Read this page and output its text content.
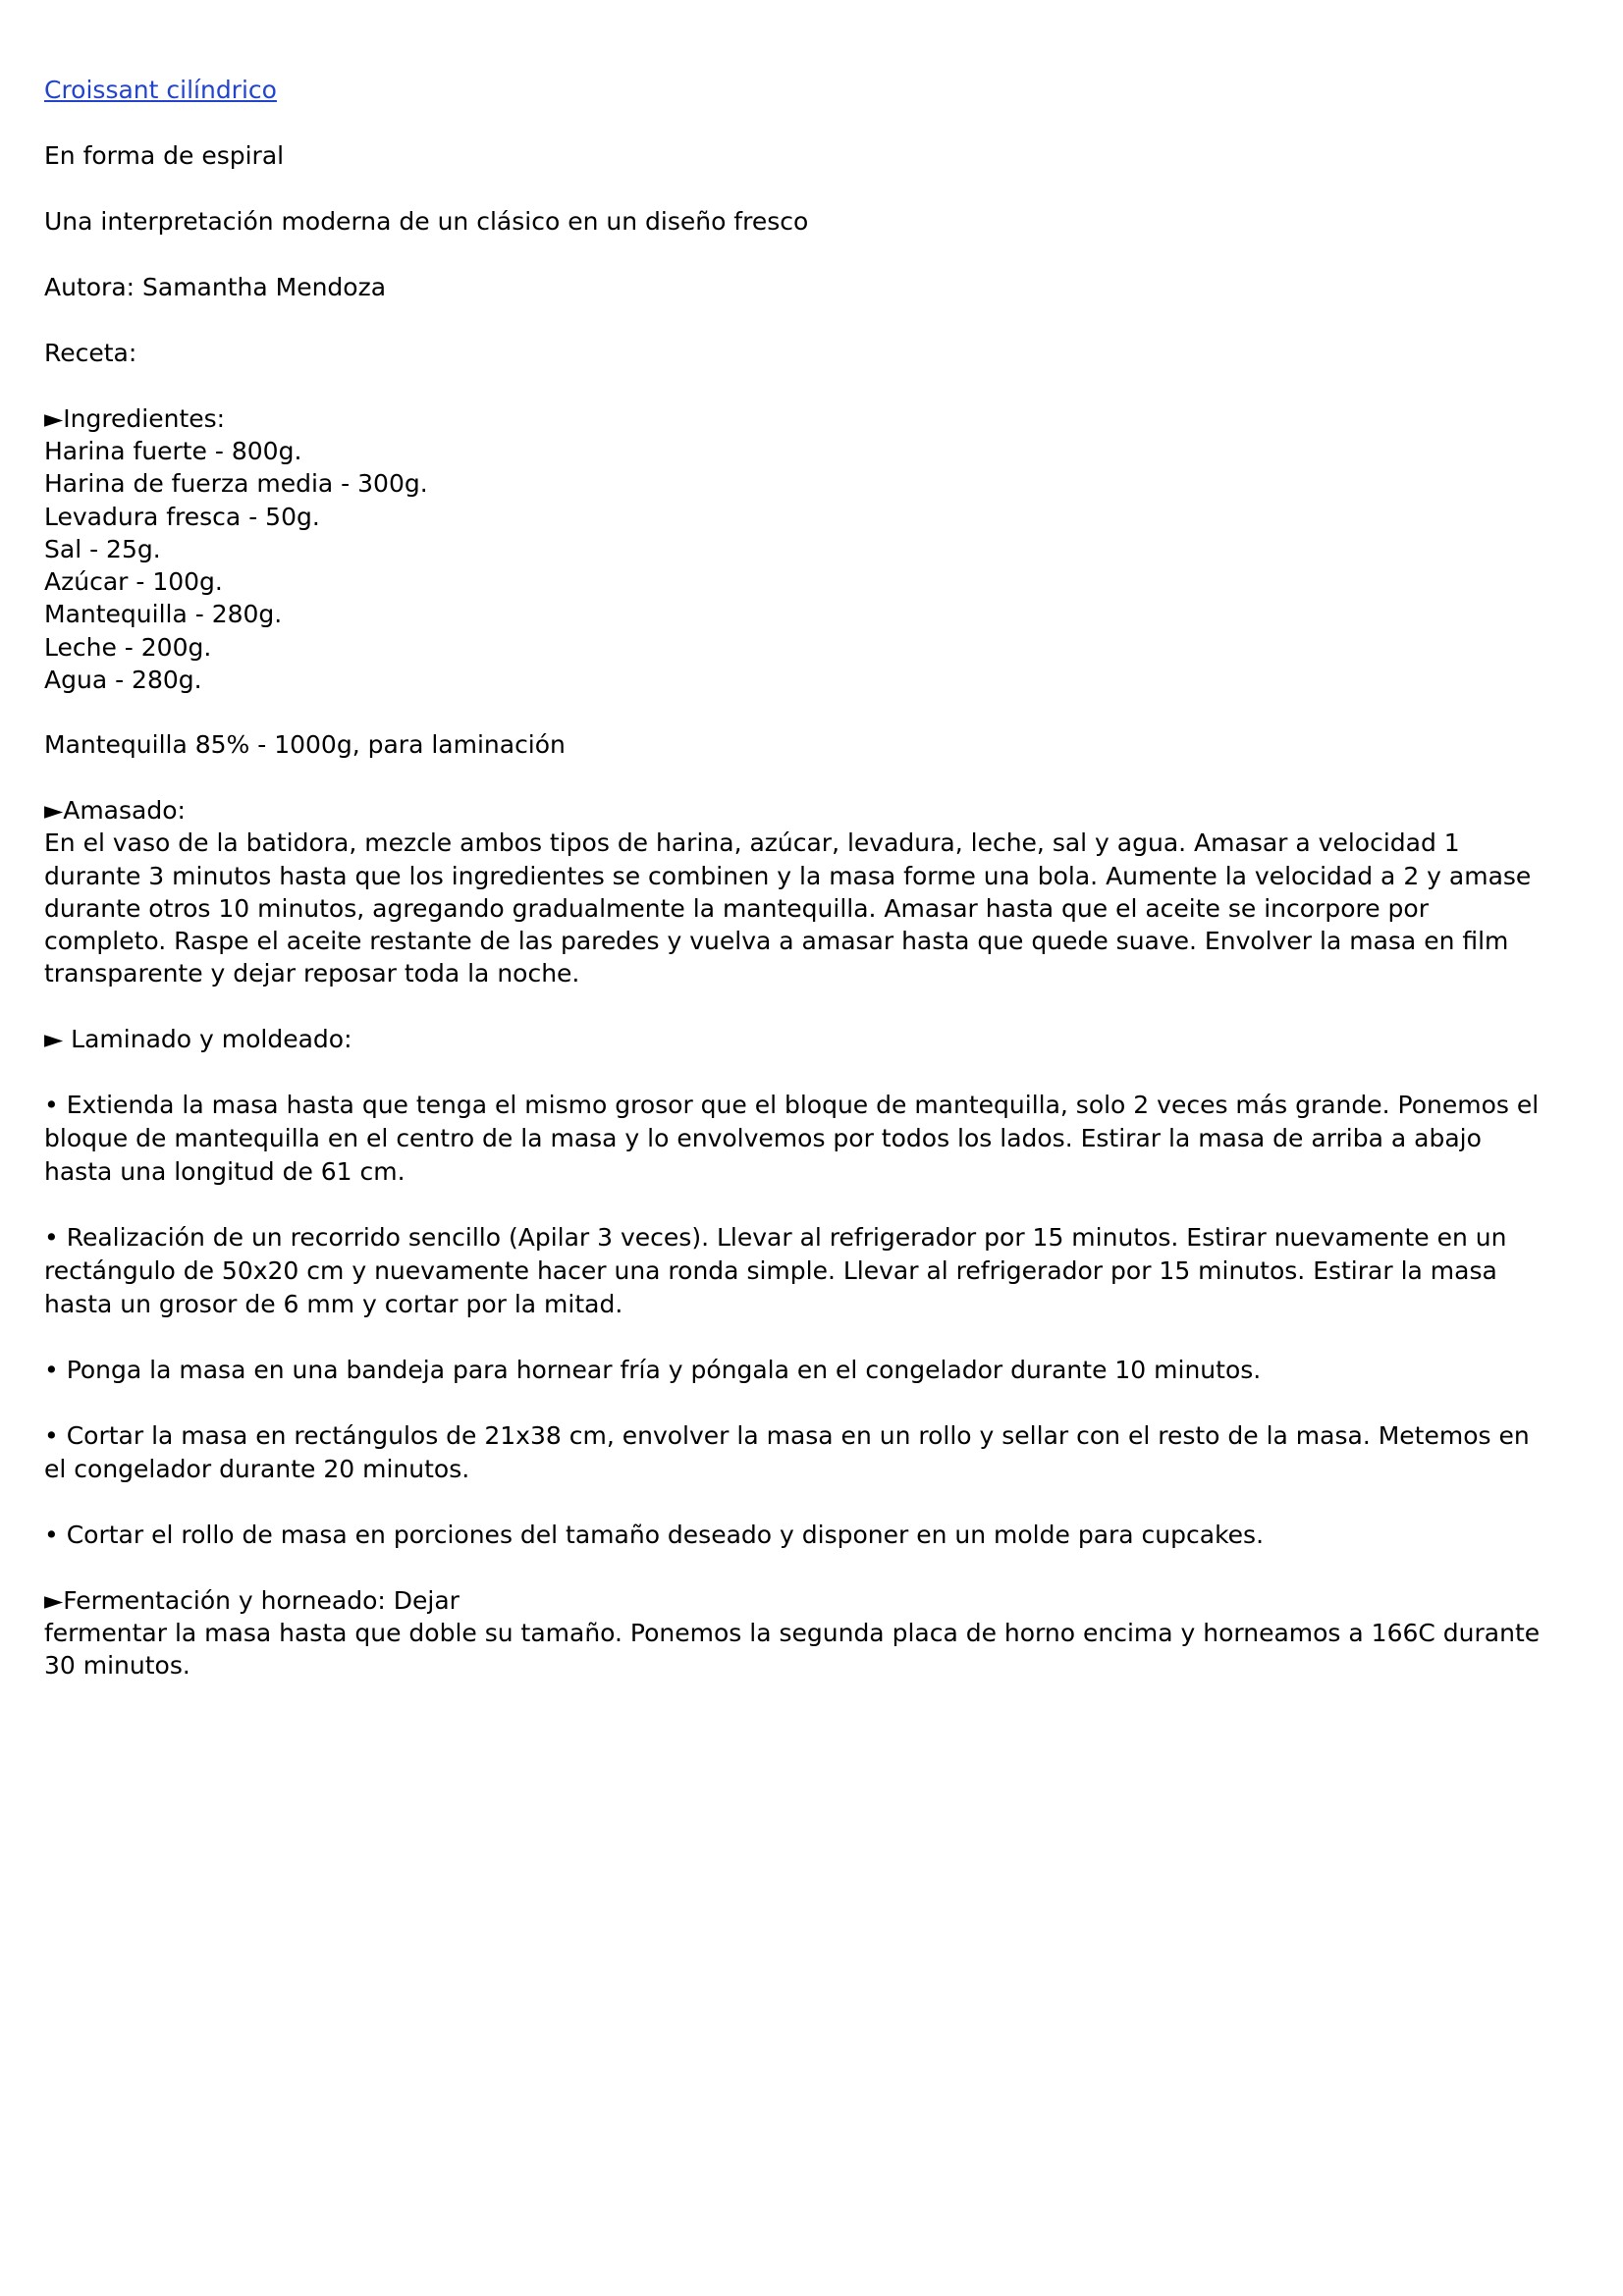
Croissant cilíndrico

En forma de espiral

Una interpretación moderna de un clásico en un diseño fresco

Autora: Samantha Mendoza

Receta:

►Ingredientes:
Harina fuerte - 800g.
Harina de fuerza media - 300g.
Levadura fresca - 50g.
Sal - 25g.
Azúcar - 100g.
Mantequilla - 280g.
Leche - 200g.
Agua - 280g.

Mantequilla 85% - 1000g, para laminación

►Amasado:
En el vaso de la batidora, mezcle ambos tipos de harina, azúcar, levadura, leche, sal y agua. Amasar a velocidad 1 durante 3 minutos hasta que los ingredientes se combinen y la masa forme una bola. Aumente la velocidad a 2 y amase durante otros 10 minutos, agregando gradualmente la mantequilla. Amasar hasta que el aceite se incorpore por completo. Raspe el aceite restante de las paredes y vuelva a amasar hasta que quede suave. Envolver la masa en film transparente y dejar reposar toda la noche.

► Laminado y moldeado:

• Extienda la masa hasta que tenga el mismo grosor que el bloque de mantequilla, solo 2 veces más grande. Ponemos el bloque de mantequilla en el centro de la masa y lo envolvemos por todos los lados. Estirar la masa de arriba a abajo hasta una longitud de 61 cm.

• Realización de un recorrido sencillo (Apilar 3 veces). Llevar al refrigerador por 15 minutos. Estirar nuevamente en un rectángulo de 50x20 cm y nuevamente hacer una ronda simple. Llevar al refrigerador por 15 minutos. Estirar la masa hasta un grosor de 6 mm y cortar por la mitad.

• Ponga la masa en una bandeja para hornear fría y póngala en el congelador durante 10 minutos.

• Cortar la masa en rectángulos de 21x38 cm, envolver la masa en un rollo y sellar con el resto de la masa. Metemos en el congelador durante 20 minutos.

• Cortar el rollo de masa en porciones del tamaño deseado y disponer en un molde para cupcakes.

►Fermentación y horneado: Dejar
fermentar la masa hasta que doble su tamaño. Ponemos la segunda placa de horno encima y horneamos a 166C durante 30 minutos.
